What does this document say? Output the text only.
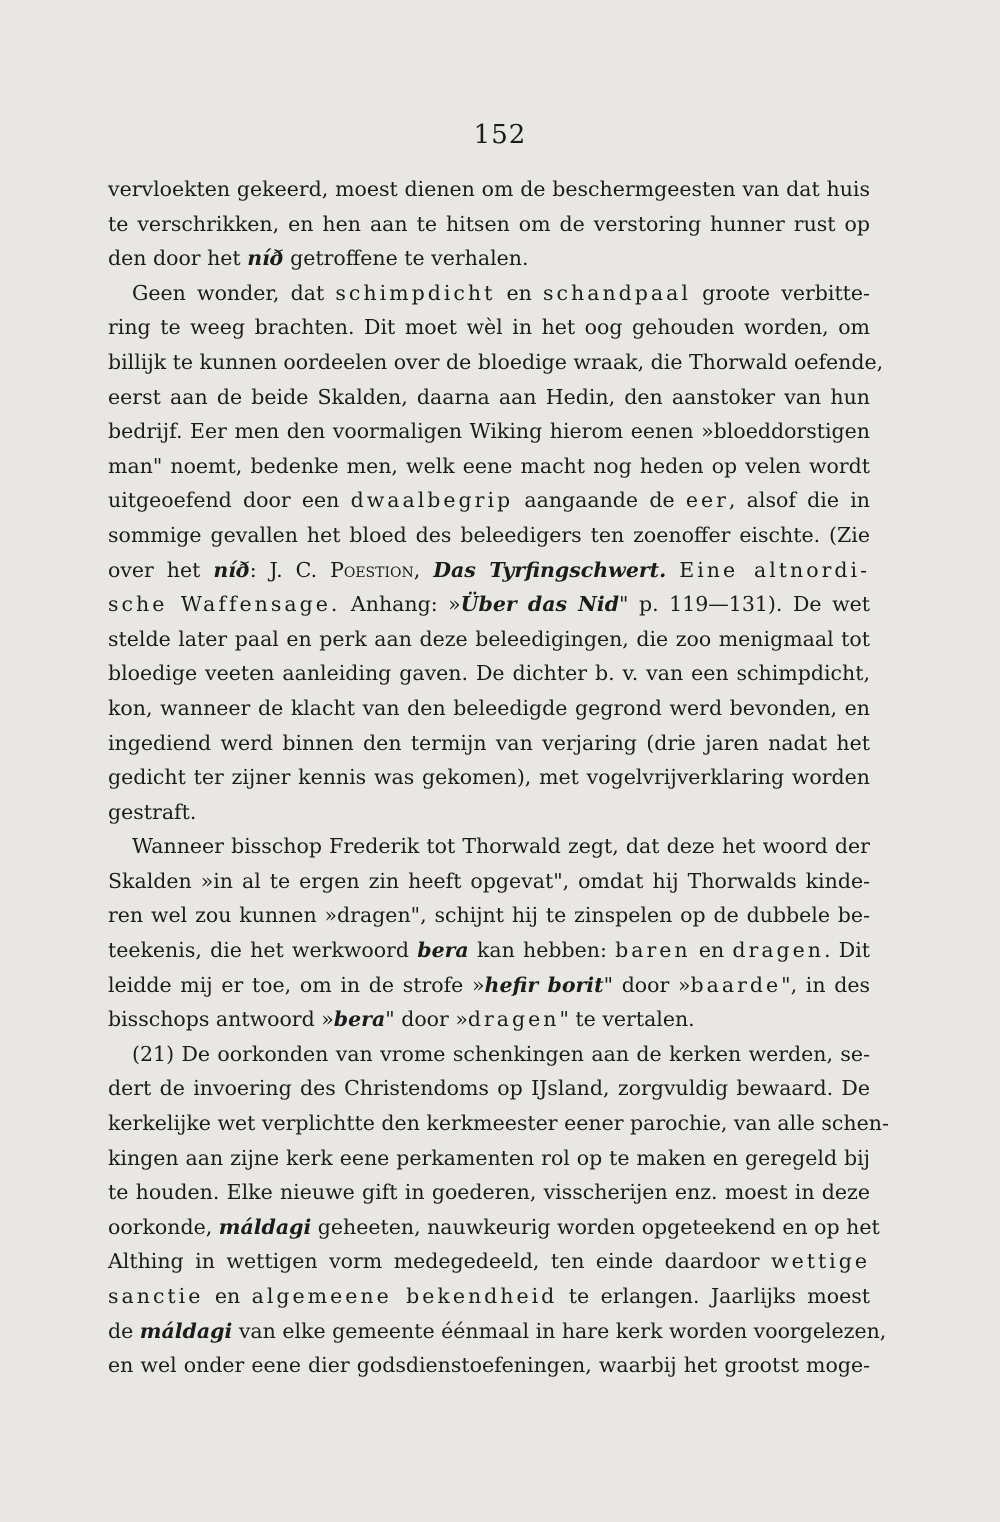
152
vervloekten gekeerd, moest dienen om de beschermgeesten van dat huis
te verschrikken, en hen aan te hitsen om de verstoring hunner rust op
den door het níð getroffene te verhalen.
Geen wonder, dat schimpdicht en schandpaal groote verbitte-
ring te weeg brachten. Dit moet wèl in het oog gehouden worden, om
billijk te kunnen oordeelen over de bloedige wraak, die Thorwald oefende,
eerst aan de beide Skalden, daarna aan Hedin, den aanstoker van hun
bedrijf. Eer men den voormaligen Wiking hierom eenen »bloeddorstigen
man" noemt, bedenke men, welk eene macht nog heden op velen wordt
uitgeoefend door een dwaalbegrip aangaande de eer, alsof die in
sommige gevallen het bloed des beleedigers ten zoenoffer eischte. (Zie
over het níð: J. C. Poestion, Das Tyrfingschwert. Eine altnordi-
sche Waffensage. Anhang: »Über das Nid" p. 119—131). De wet
stelde later paal en perk aan deze beleedigingen, die zoo menigmaal tot
bloedige veeten aanleiding gaven. De dichter b. v. van een schimpdicht,
kon, wanneer de klacht van den beleedigde gegrond werd bevonden, en
ingediend werd binnen den termijn van verjaring (drie jaren nadat het
gedicht ter zijner kennis was gekomen), met vogelvrijverklaring worden
gestraft.
Wanneer bisschop Frederik tot Thorwald zegt, dat deze het woord der
Skalden »in al te ergen zin heeft opgevat", omdat hij Thorwalds kinde-
ren wel zou kunnen »dragen", schijnt hij te zinspelen op de dubbele be-
teekenis, die het werkwoord bera kan hebben: baren en dragen. Dit
leidde mij er toe, om in de strofe »hefir borit" door »baarde", in des
bisschops antwoord »bera" door »dragen" te vertalen.
(21) De oorkonden van vrome schenkingen aan de kerken werden, se-
dert de invoering des Christendoms op IJsland, zorgvuldig bewaard. De
kerkelijke wet verplichtte den kerkmeester eener parochie, van alle schen-
kingen aan zijne kerk eene perkamenten rol op te maken en geregeld bij
te houden. Elke nieuwe gift in goederen, visscherijen enz. moest in deze
oorkonde, máldagi geheeten, nauwkeurig worden opgeteekend en op het
Althing in wettigen vorm medegedeeld, ten einde daardoor wettige
sanctie en algemeene bekendheid te erlangen. Jaarlijks moest
de máldagi van elke gemeente éénmaal in hare kerk worden voorgelezen,
en wel onder eene dier godsdienstoefeningen, waarbij het grootst moge-
